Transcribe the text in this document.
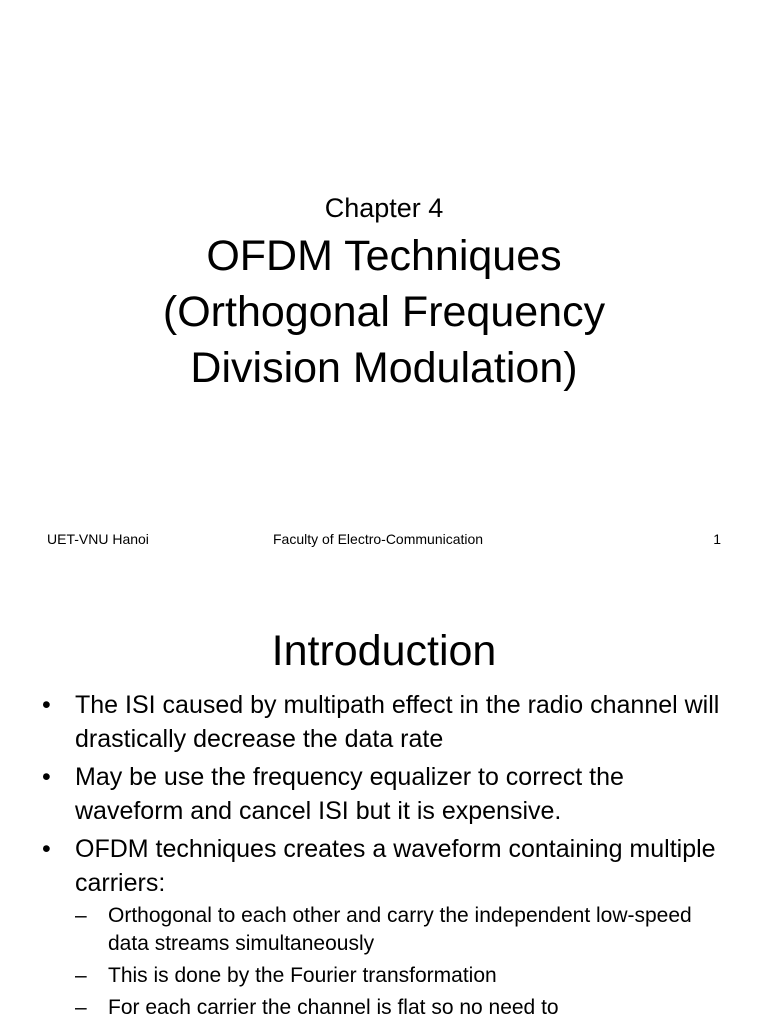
Chapter 4
OFDM Techniques
(Orthogonal Frequency
Division Modulation)
UET-VNU Hanoi	Faculty of Electro-Communication	1
Introduction
• The ISI caused by multipath effect in the radio channel will drastically decrease the data rate
• May be use the frequency equalizer to correct the waveform and cancel ISI but it is expensive.
• OFDM techniques creates a waveform containing multiple carriers:
– Orthogonal to each other and carry the independent low-speed data streams simultaneously
– This is done by the Fourier transformation
– For each carrier the channel is flat so no need to
